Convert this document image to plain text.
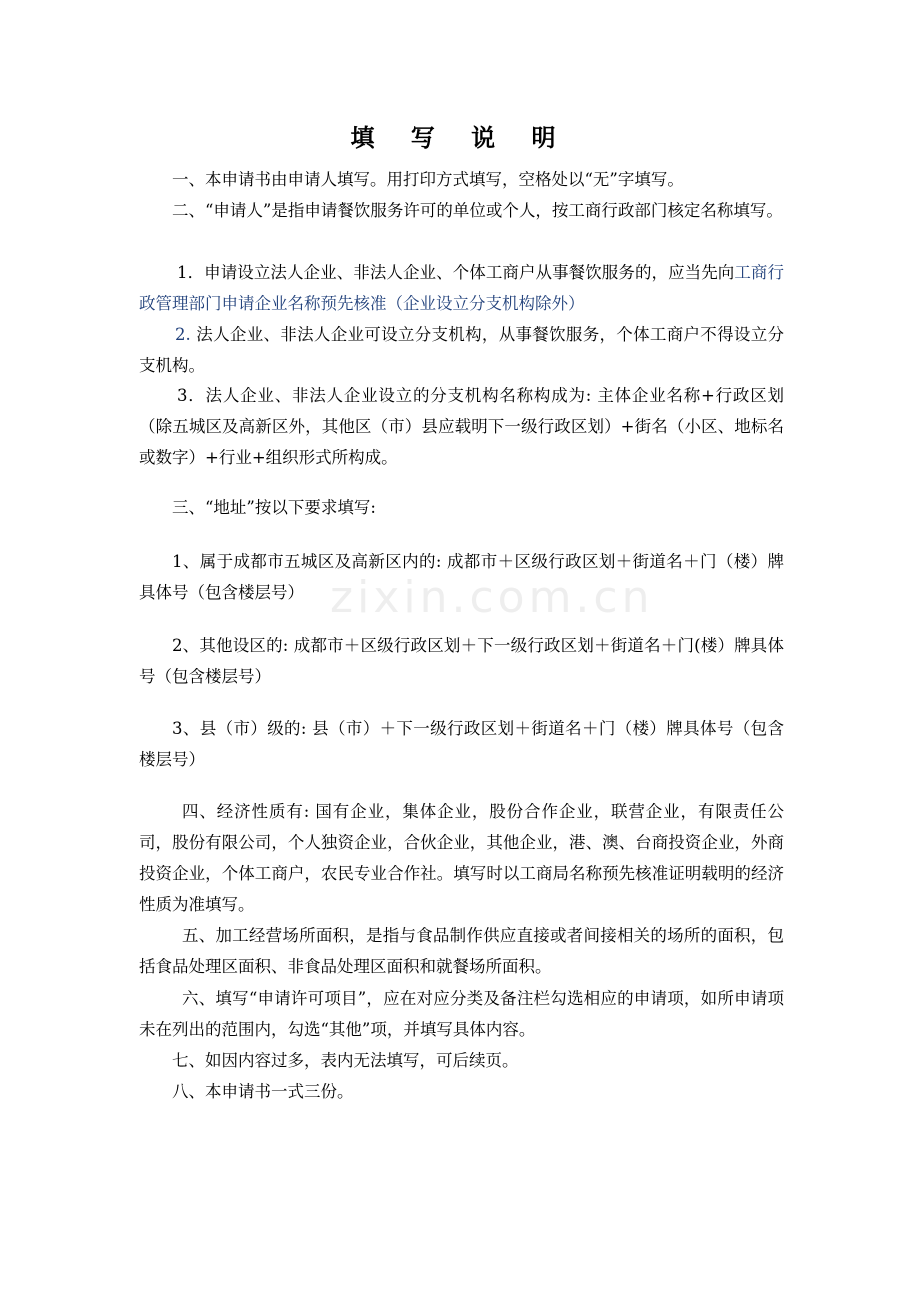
zixin.com.cn
填 写 说 明
一、本申请书由申请人填写。用打印方式填写，空格处以“无”字填写。
二、“申请人”是指申请餐饮服务许可的单位或个人，按工商行政部门核定名称填写。
1．申请设立法人企业、非法人企业、个体工商户从事餐饮服务的，应当先向工商行政管理部门申请企业名称预先核准（企业设立分支机构除外）
2. 法人企业、非法人企业可设立分支机构，从事餐饮服务，个体工商户不得设立分支机构。
3．法人企业、非法人企业设立的分支机构名称构成为: 主体企业名称+行政区划（除五城区及高新区外，其他区（市）县应载明下一级行政区划）+街名（小区、地标名或数字）+行业+组织形式所构成。
三、“地址”按以下要求填写:
1、属于成都市五城区及高新区内的: 成都市＋区级行政区划＋街道名＋门（楼）牌具体号（包含楼层号）
2、其他设区的: 成都市＋区级行政区划＋下一级行政区划＋街道名＋门(楼）牌具体号（包含楼层号）
3、县（市）级的: 县（市）＋下一级行政区划＋街道名＋门（楼）牌具体号（包含楼层号）
四、经济性质有: 国有企业，集体企业，股份合作企业，联营企业，有限责任公司，股份有限公司，个人独资企业，合伙企业，其他企业，港、澳、台商投资企业，外商投资企业，个体工商户，农民专业合作社。填写时以工商局名称预先核准证明载明的经济性质为准填写。
五、加工经营场所面积，是指与食品制作供应直接或者间接相关的场所的面积，包括食品处理区面积、非食品处理区面积和就餐场所面积。
六、填写“申请许可项目”，应在对应分类及备注栏勾选相应的申请项，如所申请项未在列出的范围内，勾选“其他”项，并填写具体内容。
七、如因内容过多，表内无法填写，可后续页。
八、本申请书一式三份。
